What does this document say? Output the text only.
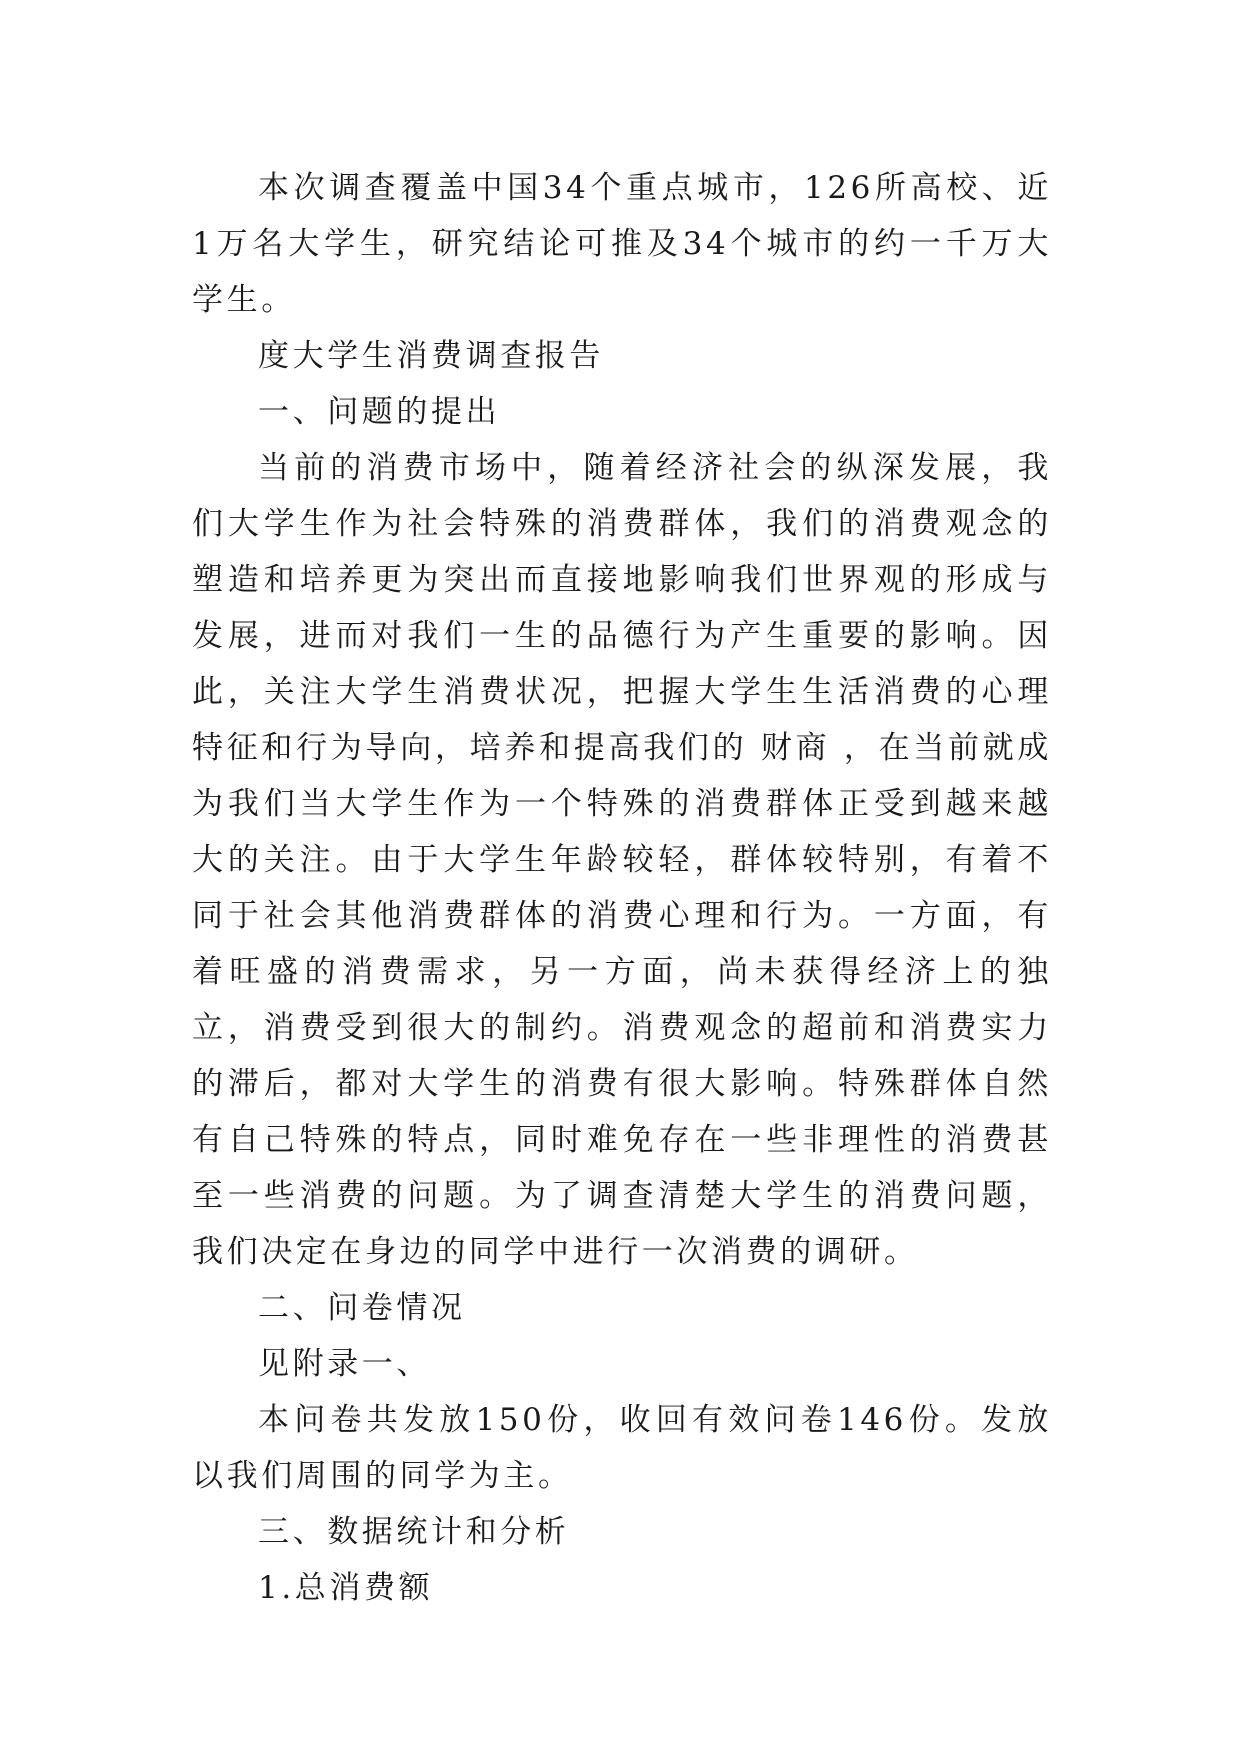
本次调查覆盖中国34个重点城市，126所高校、近1万名大学生，研究结论可推及34个城市的约一千万大学生。

度大学生消费调查报告

一、问题的提出

当前的消费市场中，随着经济社会的纵深发展，我们大学生作为社会特殊的消费群体，我们的消费观念的塑造和培养更为突出而直接地影响我们世界观的形成与发展，进而对我们一生的品德行为产生重要的影响。因此，关注大学生消费状况，把握大学生生活消费的心理特征和行为导向，培养和提高我们的 财商 ，在当前就成为我们当大学生作为一个特殊的消费群体正受到越来越大的关注。由于大学生年龄较轻，群体较特别，有着不同于社会其他消费群体的消费心理和行为。一方面，有着旺盛的消费需求，另一方面，尚未获得经济上的独立，消费受到很大的制约。消费观念的超前和消费实力的滞后，都对大学生的消费有很大影响。特殊群体自然有自己特殊的特点，同时难免存在一些非理性的消费甚至一些消费的问题。为了调查清楚大学生的消费问题，我们决定在身边的同学中进行一次消费的调研。

二、问卷情况

见附录一、

本问卷共发放150份，收回有效问卷146份。发放以我们周围的同学为主。

三、数据统计和分析

1.总消费额
